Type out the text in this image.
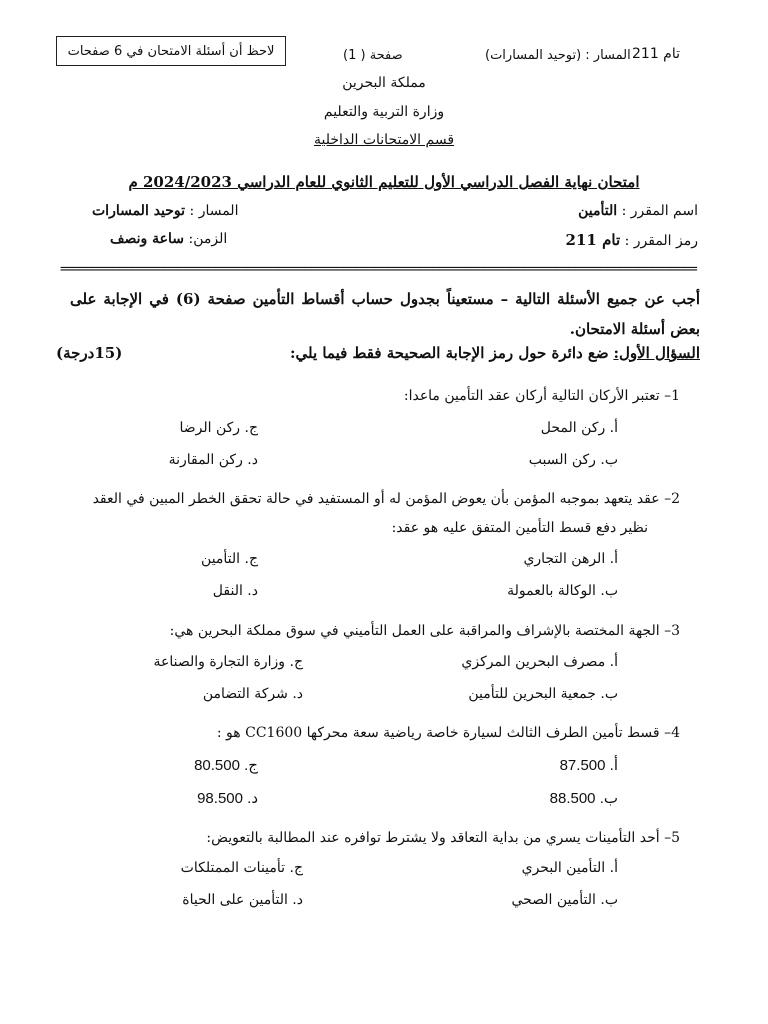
لاحظ أن أسئلة الامتحان في 6 صفحات	صفحة ( 1)	المسار : (توحيد المسارات) تام 211
مملكة البحرين
وزارة التربية والتعليم
قسم الامتحانات الداخلية
امتحان نهاية الفصل الدراسي الأول للتعليم الثانوي للعام الدراسي 2024/2023 م
اسم المقرر : التأمين
المسار : توحيد المسارات
رمز المقرر : تام 211
الزمن: ساعة ونصف
===================================================================================================
أجب عن جميع الأسئلة التالية – مستعيناً بجدول حساب أقساط التأمين صفحة (6) في الإجابة على بعض أسئلة الامتحان.
السؤال الأول: ضع دائرة حول رمز الإجابة الصحيحة فقط فيما يلي:
(15درجة)
1– تعتبر الأركان التالية أركان عقد التأمين ماعدا:
أ. ركن المحل
ب. ركن السبب
ج. ركن الرضا
د. ركن المقارنة
2– عقد يتعهد بموجبه المؤمن بأن يعوض المؤمن له أو المستفيد في حالة تحقق الخطر المبين في العقد
نظير دفع قسط التأمين المتفق عليه هو عقد:
أ. الرهن التجاري
ب. الوكالة بالعمولة
ج. التأمين
د. النقل
3– الجهة المختصة بالإشراف والمراقبة على العمل التأميني في سوق مملكة البحرين هي:
أ. مصرف البحرين المركزي
ب. جمعية البحرين للتأمين
ج. وزارة التجارة والصناعة
د. شركة التضامن
4– قسط تأمين الطرف الثالث لسيارة خاصة رياضية سعة محركها CC1600 هو :
أ. 87.500
ب. 88.500
ج. 80.500
د. 98.500
5– أحد التأمينات يسري من بداية التعاقد ولا يشترط توافره عند المطالبة بالتعويض:
أ. التأمين البحري
ب. التأمين الصحي
ج. تأمينات الممتلكات
د. التأمين على الحياة
